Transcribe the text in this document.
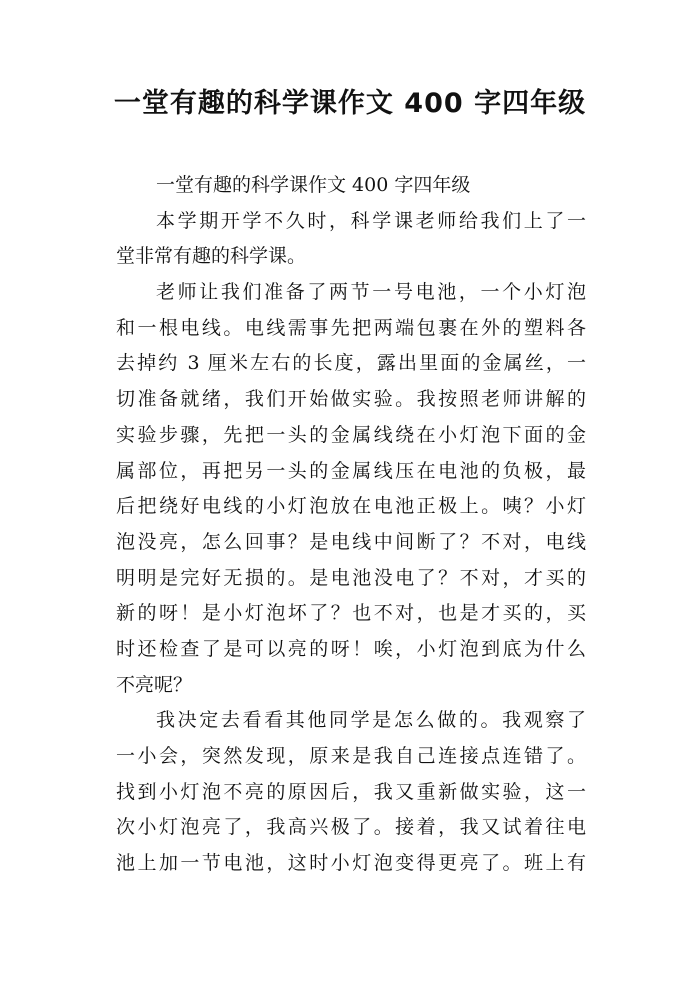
一堂有趣的科学课作文 400 字四年级
一堂有趣的科学课作文 400 字四年级
本学期开学不久时，科学课老师给我们上了一
堂非常有趣的科学课。
老师让我们准备了两节一号电池，一个小灯泡
和一根电线。电线需事先把两端包裹在外的塑料各
去掉约 3 厘米左右的长度，露出里面的金属丝，一
切准备就绪，我们开始做实验。我按照老师讲解的
实验步骤，先把一头的金属线绕在小灯泡下面的金
属部位，再把另一头的金属线压在电池的负极，最
后把绕好电线的小灯泡放在电池正极上。咦？小灯
泡没亮，怎么回事？是电线中间断了？不对，电线
明明是完好无损的。是电池没电了？不对，才买的
新的呀！是小灯泡坏了？也不对，也是才买的，买
时还检查了是可以亮的呀！唉，小灯泡到底为什么
不亮呢？
我决定去看看其他同学是怎么做的。我观察了
一小会，突然发现，原来是我自己连接点连错了。
找到小灯泡不亮的原因后，我又重新做实验，这一
次小灯泡亮了，我高兴极了。接着，我又试着往电
池上加一节电池，这时小灯泡变得更亮了。班上有
